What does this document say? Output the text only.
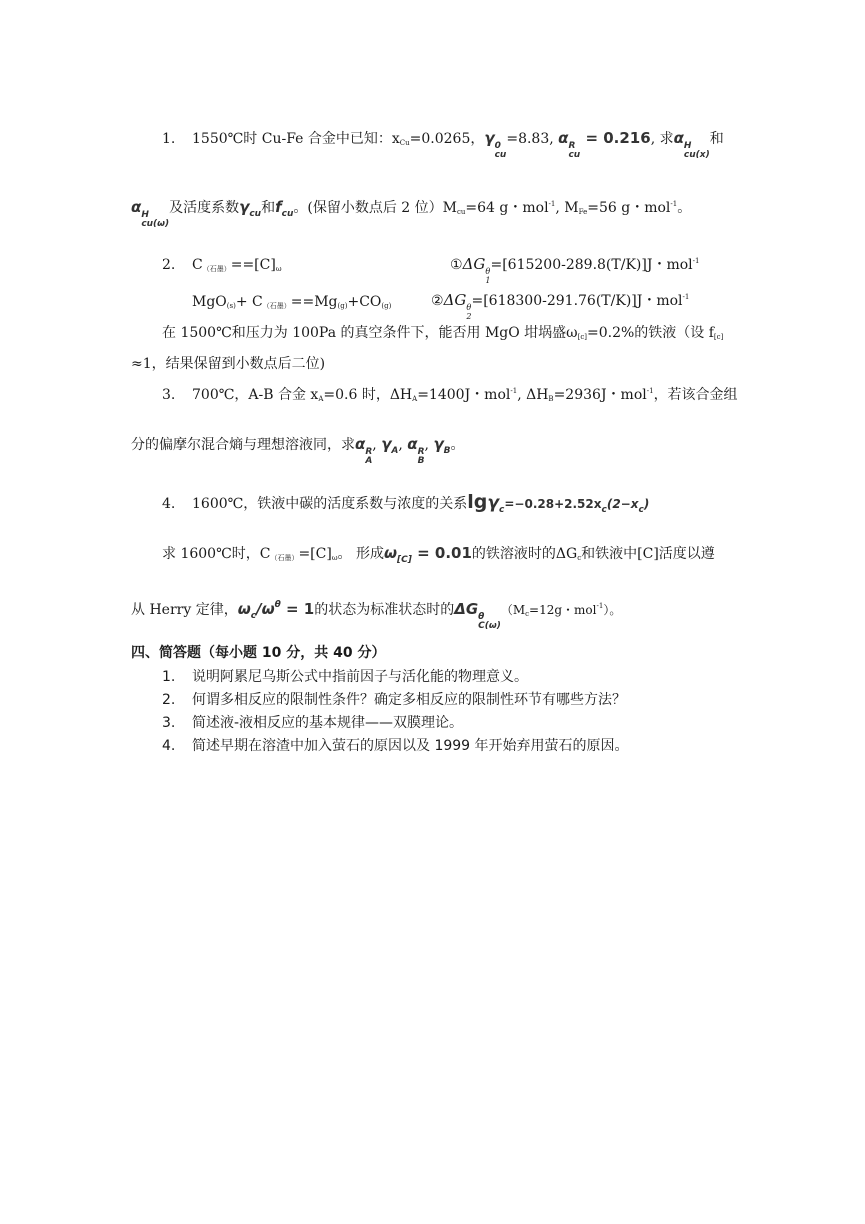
1. 1550℃时 Cu-Fe 合金中已知：$x_{Cu}=0.0265$，γ 0
cu
=8.83, α R
cu
= 0.216, 求α H
cu(x)
和
α H
cu(ω)
及活度系数γcu和fcu。(保留小数点后 2 位）$M_{cu}=64$ g・mol$^{-1}$, $M_{Fe}=56$ g・mol$^{-1}$。
2. $C_{(石墨)}==[C]_\omega$	①ΔG θ
1
=[615200-289.8(T/K)]J・mol$^{-1}$
$MgO_{(s)}+ C_{(石墨)}==Mg_{(g)}+CO_{(g)}$	②ΔG θ
2
=[618300-291.76(T/K)]J・mol$^{-1}$
在 1500℃和压力为 100Pa 的真空条件下，能否用 MgO 坩埚盛$\omega_{[c]}=0.2\%$的铁液（设 $f_{[c]}$
≈1，结果保留到小数点后二位)
3. 700℃，A-B 合金 $x_A=0.6$ 时，$\Delta H_A=1400J$・mol$^{-1}$, $\Delta H_B=2936J$・mol$^{-1}$，若该合金组
分的偏摩尔混合熵与理想溶液同，求α R
A
, γA, α R
B
, γB。
4. 1600℃，铁液中碳的活度系数与浓度的关系lgγc=−0.28+2.52xc(2−xc)
求 1600℃时，$C_{(石墨)}=[C]_\omega$。 形成ω[C] = 0.01的铁溶液时的$\Delta G_c$和铁液中[C]活度以遵
从 Herry 定律，ωc/ωθ = 1的状态为标准状态时的ΔG θ
C(ω)
（$M_c=12g$・mol$^{-1}$）。
四、简答题（每小题 10 分，共 40 分）
1. 说明阿累尼乌斯公式中指前因子与活化能的物理意义。
2. 何谓多相反应的限制性条件？确定多相反应的限制性环节有哪些方法？
3. 简述液-液相反应的基本规律——双膜理论。
4. 简述早期在溶渣中加入萤石的原因以及 1999 年开始弃用萤石的原因。
